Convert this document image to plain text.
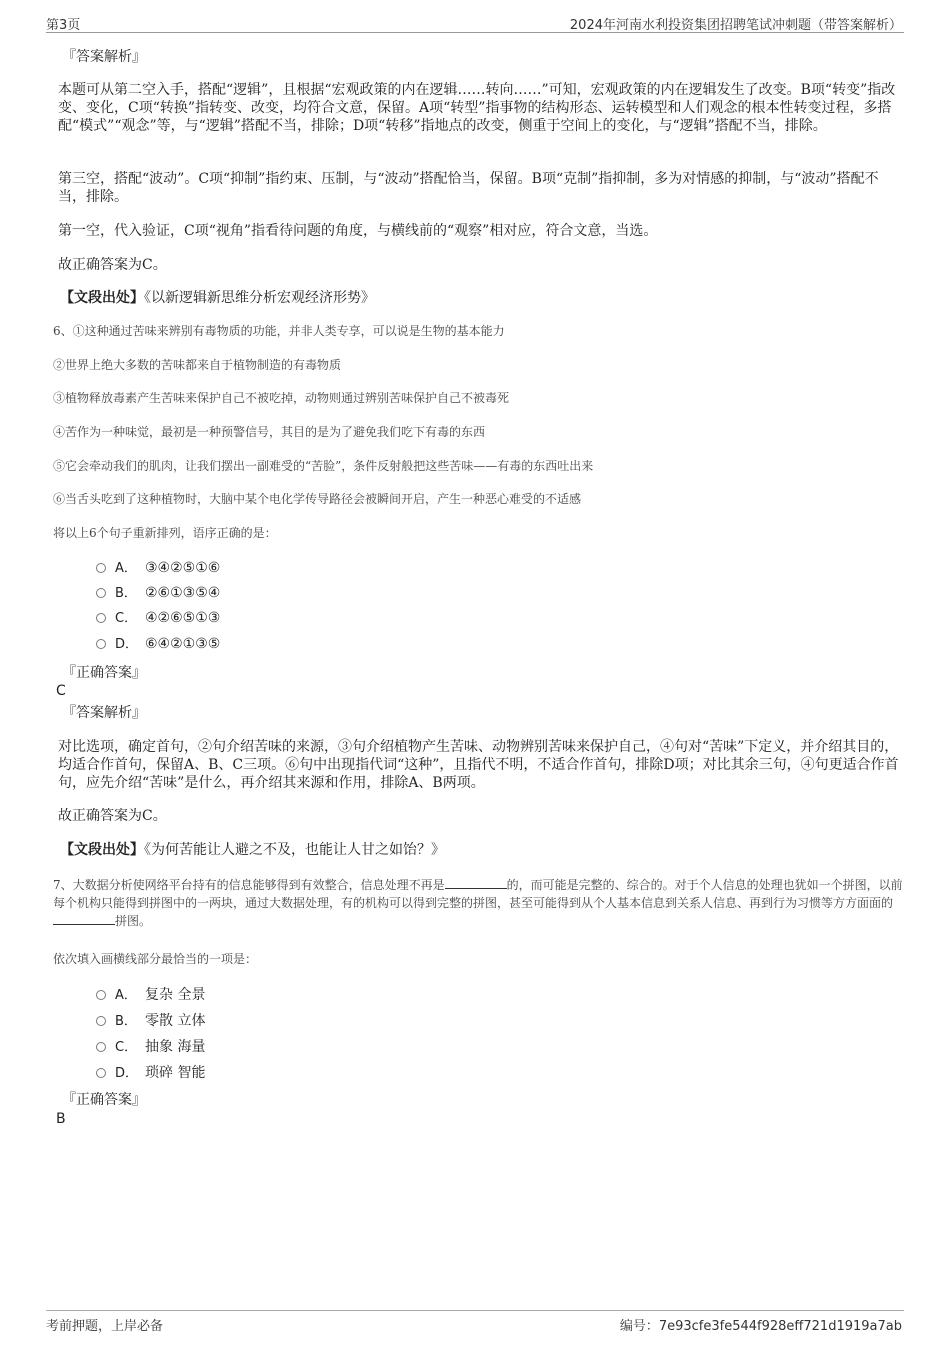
第3页	2024年河南水利投资集团招聘笔试冲刺题（带答案解析）
『答案解析』
本题可从第二空入手，搭配“逻辑”，且根据“宏观政策的内在逻辑……转向……”可知，宏观政策的内在逻辑发生了改变。B项“转变”指改变、变化，C项“转换”指转变、改变，均符合文意，保留。A项“转型”指事物的结构形态、运转模型和人们观念的根本性转变过程，多搭配“模式”“观念”等，与“逻辑”搭配不当，排除；D项“转移”指地点的改变，侧重于空间上的变化，与“逻辑”搭配不当，排除。
第三空，搭配“波动”。C项“抑制”指约束、压制，与“波动”搭配恰当，保留。B项“克制”指抑制，多为对情感的抑制，与“波动”搭配不当，排除。
第一空，代入验证，C项“视角”指看待问题的角度，与横线前的“观察”相对应，符合文意，当选。
故正确答案为C。
【文段出处】《以新逻辑新思维分析宏观经济形势》
6、①这种通过苦味来辨别有毒物质的功能，并非人类专享，可以说是生物的基本能力
②世界上绝大多数的苦味都来自于植物制造的有毒物质
③植物释放毒素产生苦味来保护自己不被吃掉，动物则通过辨别苦味保护自己不被毒死
④苦作为一种味觉，最初是一种预警信号，其目的是为了避免我们吃下有毒的东西
⑤它会牵动我们的肌肉，让我们摆出一副难受的“苦脸”，条件反射般把这些苦味——有毒的东西吐出来
⑥当舌头吃到了这种植物时，大脑中某个电化学传导路径会被瞬间开启，产生一种恶心难受的不适感
将以上6个句子重新排列，语序正确的是：
A． ③④②⑤①⑥
B． ②⑥①③⑤④
C． ④②⑥⑤①③
D． ⑥④②①③⑤
『正确答案』
C
『答案解析』
对比选项，确定首句，②句介绍苦味的来源，③句介绍植物产生苦味、动物辨别苦味来保护自己，④句对“苦味”下定义，并介绍其目的，均适合作首句，保留A、B、C三项。⑥句中出现指代词“这种”，且指代不明，不适合作首句，排除D项；对比其余三句，④句更适合作首句，应先介绍“苦味”是什么，再介绍其来源和作用，排除A、B两项。
故正确答案为C。
【文段出处】《为何苦能让人避之不及，也能让人甘之如饴？》
7、大数据分析使网络平台持有的信息能够得到有效整合，信息处理不再是	的，而可能是完整的、综合的。对于个人信息的处理也犹如一个拼图，以前每个机构只能得到拼图中的一两块，通过大数据处理，有的机构可以得到完整的拼图，甚至可能得到从个人基本信息到关系人信息、再到行为习惯等方方面面的拼图。
依次填入画横线部分最恰当的一项是：
A． 复杂 全景
B． 零散 立体
C． 抽象 海量
D． 琐碎 智能
『正确答案』
B
考前押题，上岸必备	编号：7e93cfe3fe544f928eff721d1919a7ab
